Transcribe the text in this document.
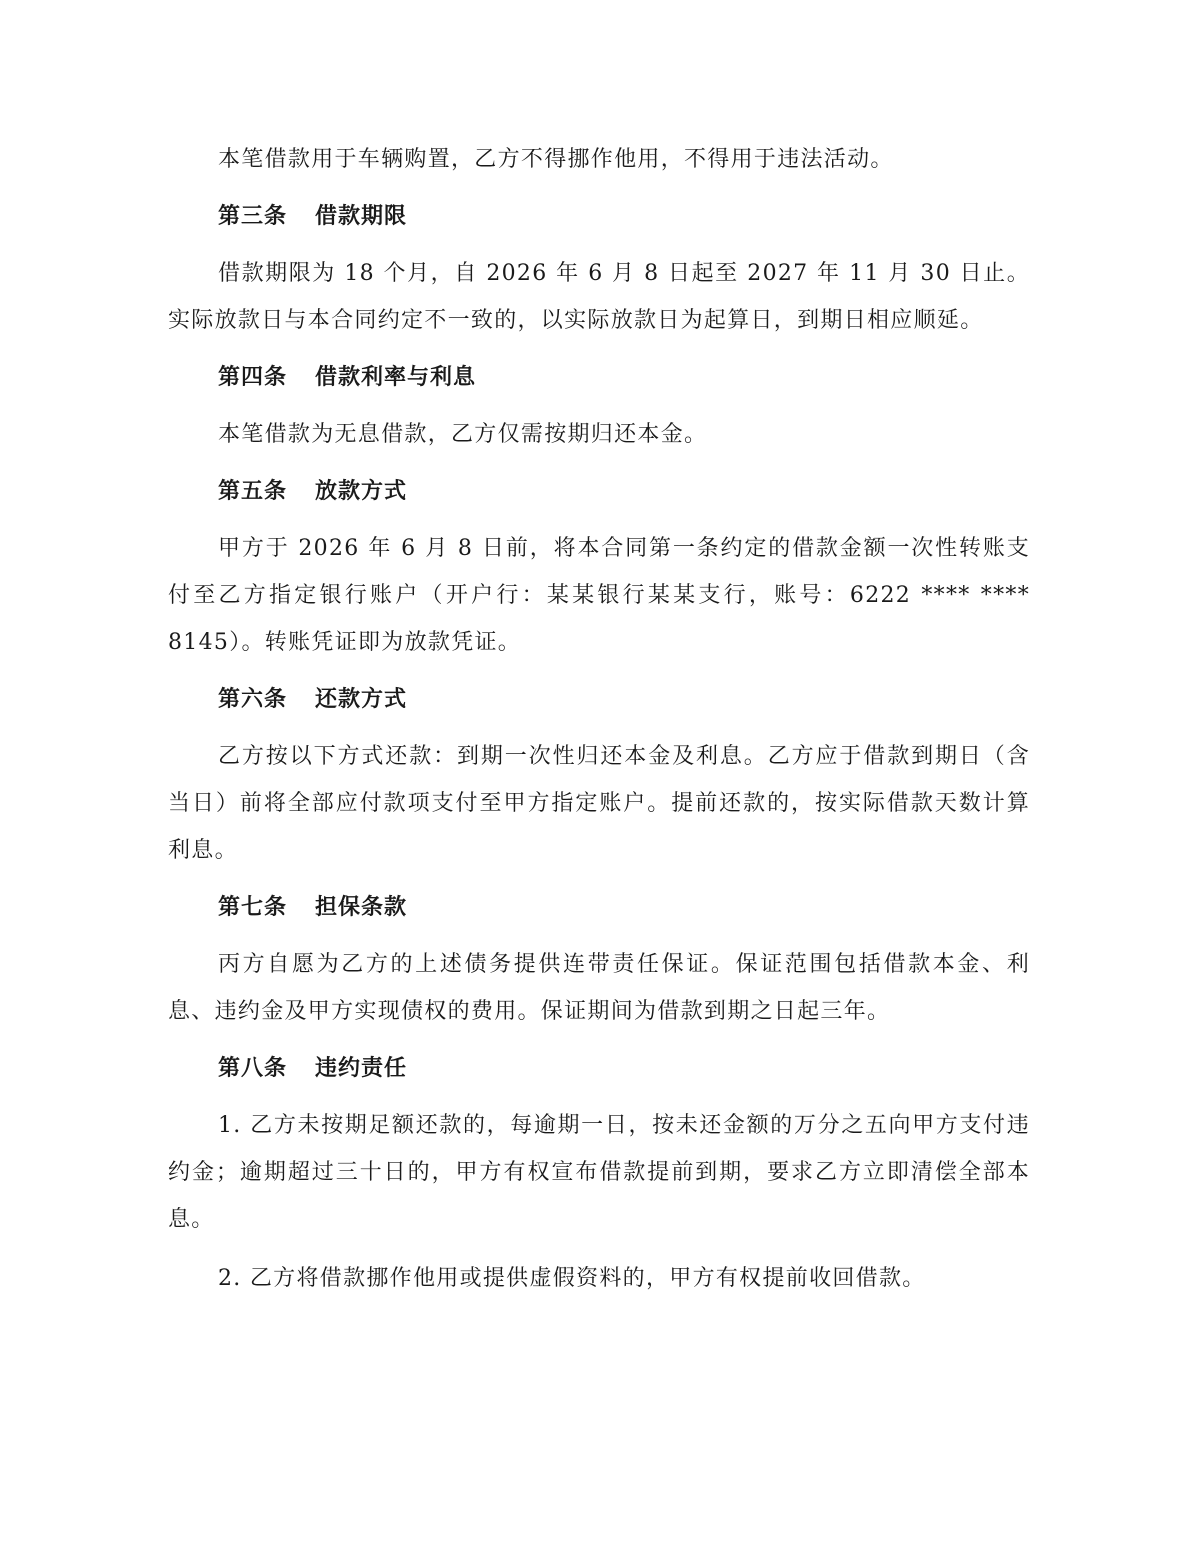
本笔借款用于车辆购置，乙方不得挪作他用，不得用于违法活动。

第三条 借款期限

借款期限为 18 个月，自 2026 年 6 月 8 日起至 2027 年 11 月 30 日止。实际放款日与本合同约定不一致的，以实际放款日为起算日，到期日相应顺延。

第四条 借款利率与利息

本笔借款为无息借款，乙方仅需按期归还本金。

第五条 放款方式

甲方于 2026 年 6 月 8 日前，将本合同第一条约定的借款金额一次性转账支付至乙方指定银行账户（开户行：某某银行某某支行，账号：6222 **** **** 8145）。转账凭证即为放款凭证。

第六条 还款方式

乙方按以下方式还款：到期一次性归还本金及利息。乙方应于借款到期日（含当日）前将全部应付款项支付至甲方指定账户。提前还款的，按实际借款天数计算利息。

第七条 担保条款

丙方自愿为乙方的上述债务提供连带责任保证。保证范围包括借款本金、利息、违约金及甲方实现债权的费用。保证期间为借款到期之日起三年。

第八条 违约责任

1. 乙方未按期足额还款的，每逾期一日，按未还金额的万分之五向甲方支付违约金；逾期超过三十日的，甲方有权宣布借款提前到期，要求乙方立即清偿全部本息。

2. 乙方将借款挪作他用或提供虚假资料的，甲方有权提前收回借款。
